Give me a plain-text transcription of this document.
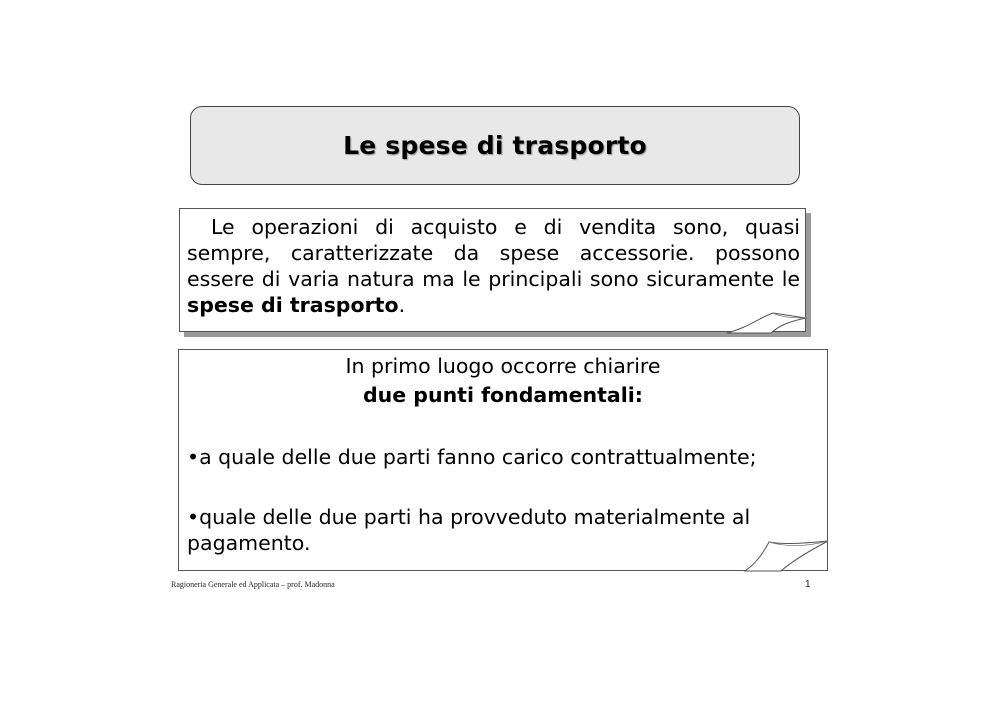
Le spese di trasporto
Le operazioni di acquisto e di vendita sono, quasi sempre, caratterizzate da spese accessorie. possono essere di varia natura ma le principali sono sicuramente le spese di trasporto.
In primo luogo occorre chiarire
due punti fondamentali:
•a quale delle due parti fanno carico contrattualmente;
•quale delle due parti ha provveduto materialmente al pagamento.
Ragioneria Generale ed Applicata – prof. Madonna	1
